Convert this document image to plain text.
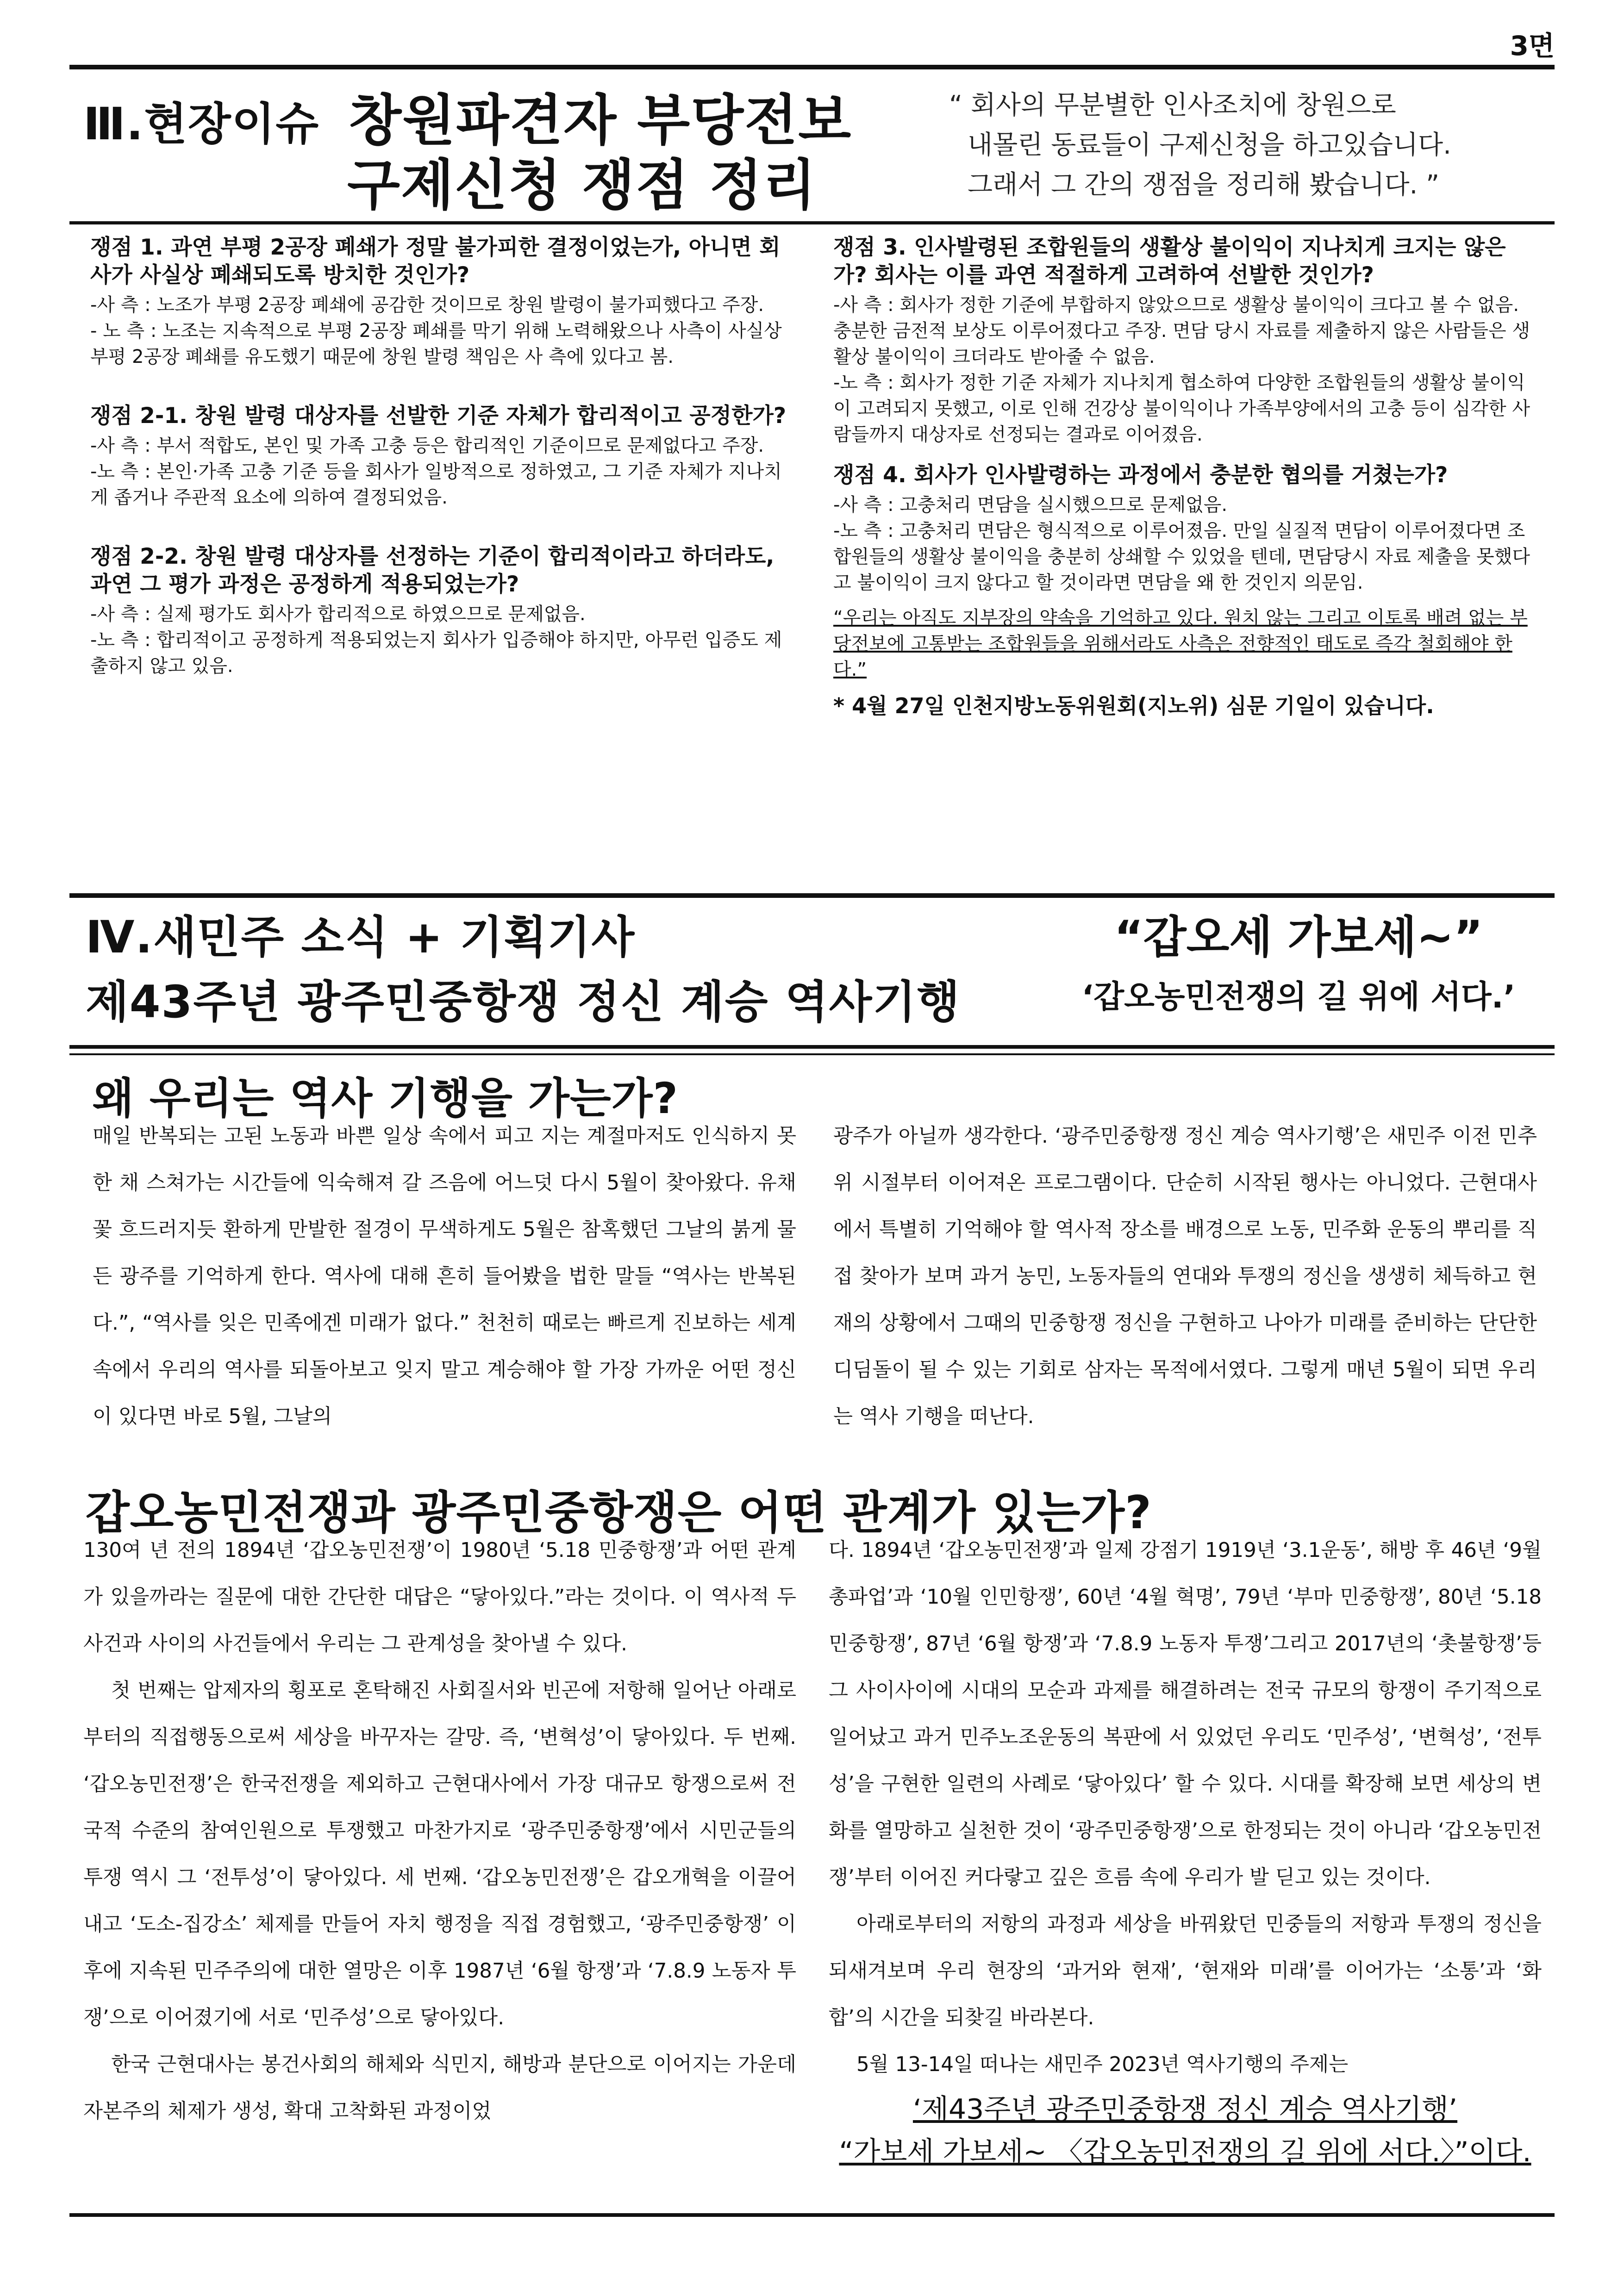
3면
Ⅲ.현장이슈 창원파견자 부당전보
구제신청 쟁점 정리
“ 회사의 무분별한 인사조치에 창원으로
내몰린 동료들이 구제신청을 하고있습니다.
그래서 그 간의 쟁점을 정리해 봤습니다. ”

쟁점 1. 과연 부평 2공장 폐쇄가 정말 불가피한 결정이었는가, 아니면 회사가 사실상 폐쇄되도록 방치한 것인가?

-사 측 : 노조가 부평 2공장 폐쇄에 공감한 것이므로 창원 발령이 불가피했다고 주장.

- 노 측 : 노조는 지속적으로 부평 2공장 폐쇄를 막기 위해 노력해왔으나 사측이 사실상 부평 2공장 폐쇄를 유도했기 때문에 창원 발령 책임은 사 측에 있다고 봄.

쟁점 2-1. 창원 발령 대상자를 선발한 기준 자체가 합리적이고 공정한가?

-사 측 : 부서 적합도, 본인 및 가족 고충 등은 합리적인 기준이므로 문제없다고 주장.

-노 측 : 본인·가족 고충 기준 등을 회사가 일방적으로 정하였고, 그 기준 자체가 지나치게 좁거나 주관적 요소에 의하여 결정되었음.

쟁점 2-2. 창원 발령 대상자를 선정하는 기준이 합리적이라고 하더라도, 과연 그 평가 과정은 공정하게 적용되었는가?

-사 측 : 실제 평가도 회사가 합리적으로 하였으므로 문제없음.

-노 측 : 합리적이고 공정하게 적용되었는지 회사가 입증해야 하지만, 아무런 입증도 제출하지 않고 있음.

쟁점 3. 인사발령된 조합원들의 생활상 불이익이 지나치게 크지는 않은가? 회사는 이를 과연 적절하게 고려하여 선발한 것인가?

-사 측 : 회사가 정한 기준에 부합하지 않았으므로 생활상 불이익이 크다고 볼 수 없음. 충분한 금전적 보상도 이루어졌다고 주장. 면담 당시 자료를 제출하지 않은 사람들은 생활상 불이익이 크더라도 받아줄 수 없음.

-노 측 : 회사가 정한 기준 자체가 지나치게 협소하여 다양한 조합원들의 생활상 불이익이 고려되지 못했고, 이로 인해 건강상 불이익이나 가족부양에서의 고충 등이 심각한 사람들까지 대상자로 선정되는 결과로 이어졌음.

쟁점 4. 회사가 인사발령하는 과정에서 충분한 협의를 거쳤는가?

-사 측 : 고충처리 면담을 실시했으므로 문제없음.

-노 측 : 고충처리 면담은 형식적으로 이루어졌음. 만일 실질적 면담이 이루어졌다면 조합원들의 생활상 불이익을 충분히 상쇄할 수 있었을 텐데, 면담당시 자료 제출을 못했다고 불이익이 크지 않다고 할 것이라면 면담을 왜 한 것인지 의문임.

“우리는 아직도 지부장의 약속을 기억하고 있다. 원치 않는 그리고 이토록 배려 없는 부당전보에 고통받는 조합원들을 위해서라도 사측은 전향적인 태도로 즉각 철회해야 한다.”

* 4월 27일 인천지방노동위원회(지노위) 심문 기일이 있습니다.

Ⅳ.새민주 소식 + 기획기사
제43주년 광주민중항쟁 정신 계승 역사기행
“갑오세 가보세~”
‘갑오농민전쟁의 길 위에 서다.’
왜 우리는 역사 기행을 가는가?

매일 반복되는 고된 노동과 바쁜 일상 속에서 피고 지는 계절마저도 인식하지 못한 채 스쳐가는 시간들에 익숙해져 갈 즈음에 어느덧 다시 5월이 찾아왔다. 유채꽃 흐드러지듯 환하게 만발한 절경이 무색하게도 5월은 참혹했던 그날의 붉게 물든 광주를 기억하게 한다. 역사에 대해 흔히 들어봤을 법한 말들 “역사는 반복된다.”, “역사를 잊은 민족에겐 미래가 없다.” 천천히 때로는 빠르게 진보하는 세계 속에서 우리의 역사를 되돌아보고 잊지 말고 계승해야 할 가장 가까운 어떤 정신이 있다면 바로 5월, 그날의

광주가 아닐까 생각한다. ‘광주민중항쟁 정신 계승 역사기행’은 새민주 이전 민추위 시절부터 이어져온 프로그램이다. 단순히 시작된 행사는 아니었다. 근현대사에서 특별히 기억해야 할 역사적 장소를 배경으로 노동, 민주화 운동의 뿌리를 직접 찾아가 보며 과거 농민, 노동자들의 연대와 투쟁의 정신을 생생히 체득하고 현재의 상황에서 그때의 민중항쟁 정신을 구현하고 나아가 미래를 준비하는 단단한 디딤돌이 될 수 있는 기회로 삼자는 목적에서였다. 그렇게 매년 5월이 되면 우리는 역사 기행을 떠난다.

갑오농민전쟁과 광주민중항쟁은 어떤 관계가 있는가?

130여 년 전의 1894년 ‘갑오농민전쟁’이 1980년 ‘5.18 민중항쟁’과 어떤 관계가 있을까라는 질문에 대한 간단한 대답은 “닿아있다.”라는 것이다. 이 역사적 두 사건과 사이의 사건들에서 우리는 그 관계성을 찾아낼 수 있다.

첫 번째는 압제자의 횡포로 혼탁해진 사회질서와 빈곤에 저항해 일어난 아래로부터의 직접행동으로써 세상을 바꾸자는 갈망. 즉, ‘변혁성’이 닿아있다. 두 번째. ‘갑오농민전쟁’은 한국전쟁을 제외하고 근현대사에서 가장 대규모 항쟁으로써 전국적 수준의 참여인원으로 투쟁했고 마찬가지로 ‘광주민중항쟁’에서 시민군들의 투쟁 역시 그 ‘전투성’이 닿아있다. 세 번째. ‘갑오농민전쟁’은 갑오개혁을 이끌어내고 ‘도소-집강소’ 체제를 만들어 자치 행정을 직접 경험했고, ‘광주민중항쟁’ 이후에 지속된 민주주의에 대한 열망은 이후 1987년 ‘6월 항쟁’과 ‘7.8.9 노동자 투쟁’으로 이어졌기에 서로 ‘민주성’으로 닿아있다.

한국 근현대사는 봉건사회의 해체와 식민지, 해방과 분단으로 이어지는 가운데 자본주의 체제가 생성, 확대 고착화된 과정이었

다. 1894년 ‘갑오농민전쟁’과 일제 강점기 1919년 ‘3.1운동’, 해방 후 46년 ‘9월 총파업’과 ‘10월 인민항쟁’, 60년 ‘4월 혁명’, 79년 ‘부마 민중항쟁’, 80년 ‘5.18 민중항쟁’, 87년 ‘6월 항쟁’과 ‘7.8.9 노동자 투쟁’그리고 2017년의 ‘촛불항쟁’등 그 사이사이에 시대의 모순과 과제를 해결하려는 전국 규모의 항쟁이 주기적으로 일어났고 과거 민주노조운동의 복판에 서 있었던 우리도 ‘민주성’, ‘변혁성’, ‘전투성’을 구현한 일련의 사례로 ‘닿아있다’ 할 수 있다. 시대를 확장해 보면 세상의 변화를 열망하고 실천한 것이 ‘광주민중항쟁’으로 한정되는 것이 아니라 ‘갑오농민전쟁’부터 이어진 커다랗고 깊은 흐름 속에 우리가 발 딛고 있는 것이다.

아래로부터의 저항의 과정과 세상을 바꿔왔던 민중들의 저항과 투쟁의 정신을 되새겨보며 우리 현장의 ‘과거와 현재’, ‘현재와 미래’를 이어가는 ‘소통’과 ‘화합’의 시간을 되찾길 바라본다.

5월 13-14일 떠나는 새민주 2023년 역사기행의 주제는

‘제43주년 광주민중항쟁 정신 계승 역사기행’

“가보세 가보세~ 〈갑오농민전쟁의 길 위에 서다.〉”이다.
